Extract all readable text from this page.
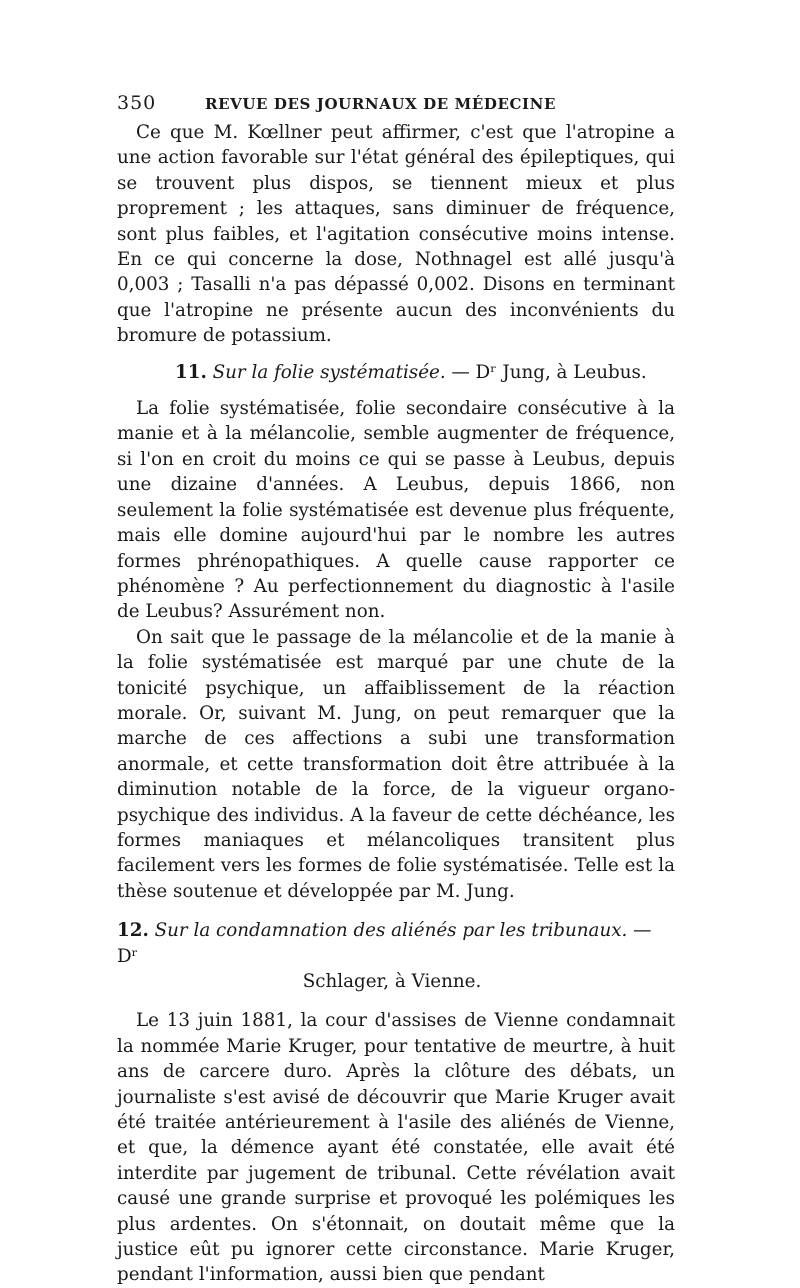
350	REVUE DES JOURNAUX DE MÉDECINE

Ce que M. Kœllner peut affirmer, c'est que l'atropine a une action favorable sur l'état général des épileptiques, qui se trouvent plus dispos, se tiennent mieux et plus proprement ; les attaques, sans diminuer de fréquence, sont plus faibles, et l'agitation consécutive moins intense. En ce qui concerne la dose, Nothnagel est allé jusqu'à 0,003 ; Tasalli n'a pas dépassé 0,002. Disons en terminant que l'atropine ne présente aucun des inconvénients du bromure de potassium.

11. Sur la folie systématisée. — Dʳ Jung, à Leubus.

La folie systématisée, folie secondaire consécutive à la manie et à la mélancolie, semble augmenter de fréquence, si l'on en croit du moins ce qui se passe à Leubus, depuis une dizaine d'années. A Leubus, depuis 1866, non seulement la folie systématisée est devenue plus fréquente, mais elle domine aujourd'hui par le nombre les autres formes phrénopathiques. A quelle cause rapporter ce phénomène ? Au perfectionnement du diagnostic à l'asile de Leubus? Assurément non.

On sait que le passage de la mélancolie et de la manie à la folie systématisée est marqué par une chute de la tonicité psychique, un affaiblissement de la réaction morale. Or, suivant M. Jung, on peut remarquer que la marche de ces affections a subi une transformation anormale, et cette transformation doit être attribuée à la diminution notable de la force, de la vigueur organo-psychique des individus. A la faveur de cette déchéance, les formes maniaques et mélancoliques transitent plus facilement vers les formes de folie systématisée. Telle est la thèse soutenue et développée par M. Jung.

12. Sur la condamnation des aliénés par les tribunaux. — Dʳ

Schlager, à Vienne.

Le 13 juin 1881, la cour d'assises de Vienne condamnait la nommée Marie Kruger, pour tentative de meurtre, à huit ans de carcere duro. Après la clôture des débats, un journaliste s'est avisé de découvrir que Marie Kruger avait été traitée antérieurement à l'asile des aliénés de Vienne, et que, la démence ayant été constatée, elle avait été interdite par jugement de tribunal. Cette révélation avait causé une grande surprise et provoqué les polémiques les plus ardentes. On s'étonnait, on doutait même que la justice eût pu ignorer cette circonstance. Marie Kruger, pendant l'information, aussi bien que pendant
